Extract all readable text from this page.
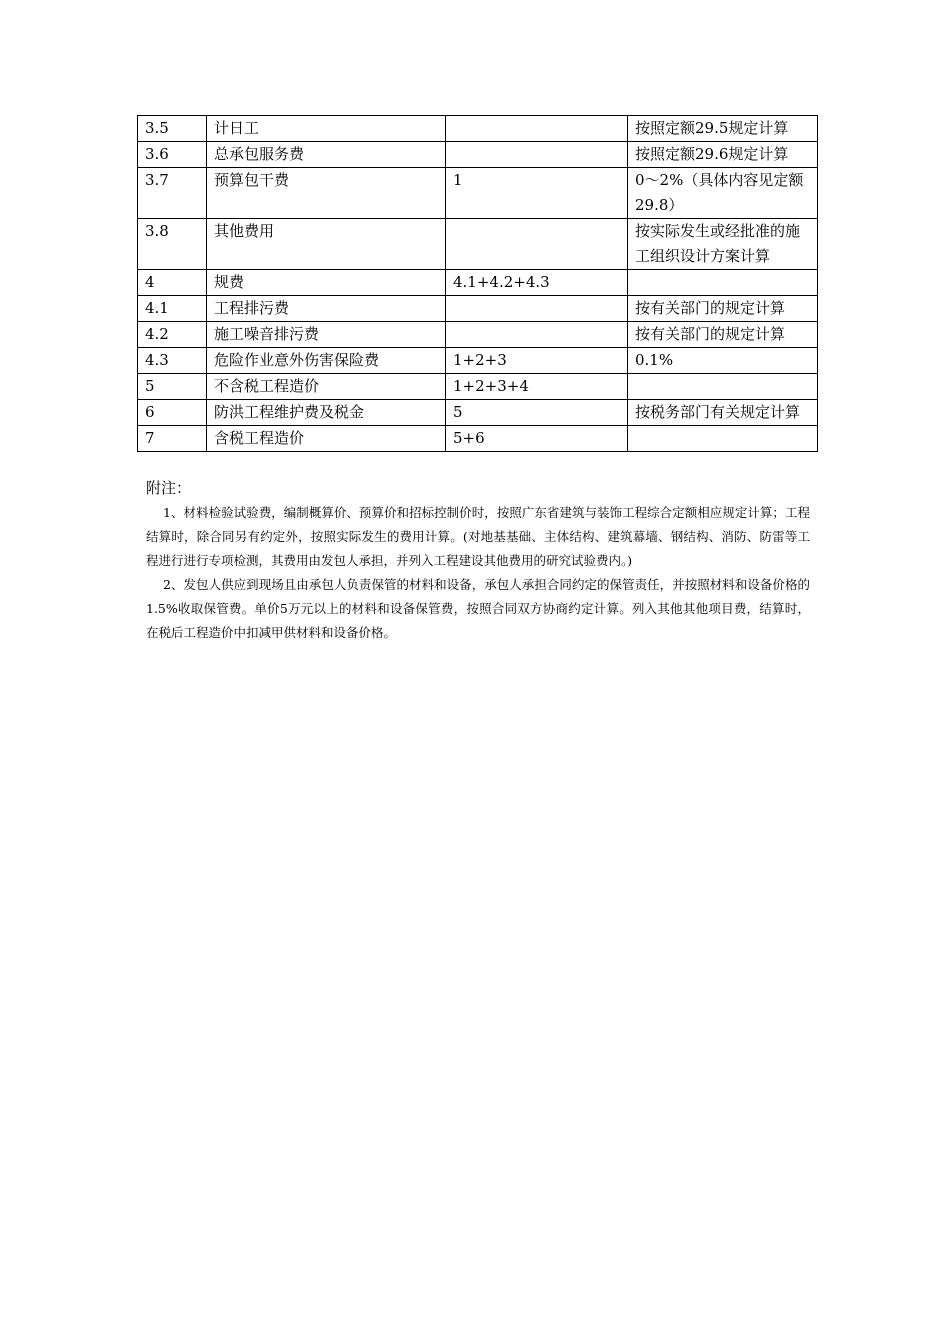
3.5	计日工		按照定额29.5规定计算
3.6	总承包服务费		按照定额29.6规定计算
3.7	预算包干费	1	0～2%（具体内容见定额29.8）
3.8	其他费用		按实际发生或经批准的施工组织设计方案计算
4	规费	4.1+4.2+4.3	
4.1	工程排污费		按有关部门的规定计算
4.2	施工噪音排污费		按有关部门的规定计算
4.3	危险作业意外伤害保险费	1+2+3	0.1%
5	不含税工程造价	1+2+3+4	
6	防洪工程维护费及税金	5	按税务部门有关规定计算
7	含税工程造价	5+6	
附注：

1、材料检验试验费，编制概算价、预算价和招标控制价时，按照广东省建筑与装饰工程综合定额相应规定计算；工程结算时，除合同另有约定外，按照实际发生的费用计算。(对地基基础、主体结构、建筑幕墙、钢结构、消防、防雷等工程进行进行专项检测，其费用由发包人承担，并列入工程建设其他费用的研究试验费内。)

2、发包人供应到现场且由承包人负责保管的材料和设备，承包人承担合同约定的保管责任，并按照材料和设备价格的1.5%收取保管费。单价5万元以上的材料和设备保管费，按照合同双方协商约定计算。列入其他其他项目费，结算时，在税后工程造价中扣减甲供材料和设备价格。
